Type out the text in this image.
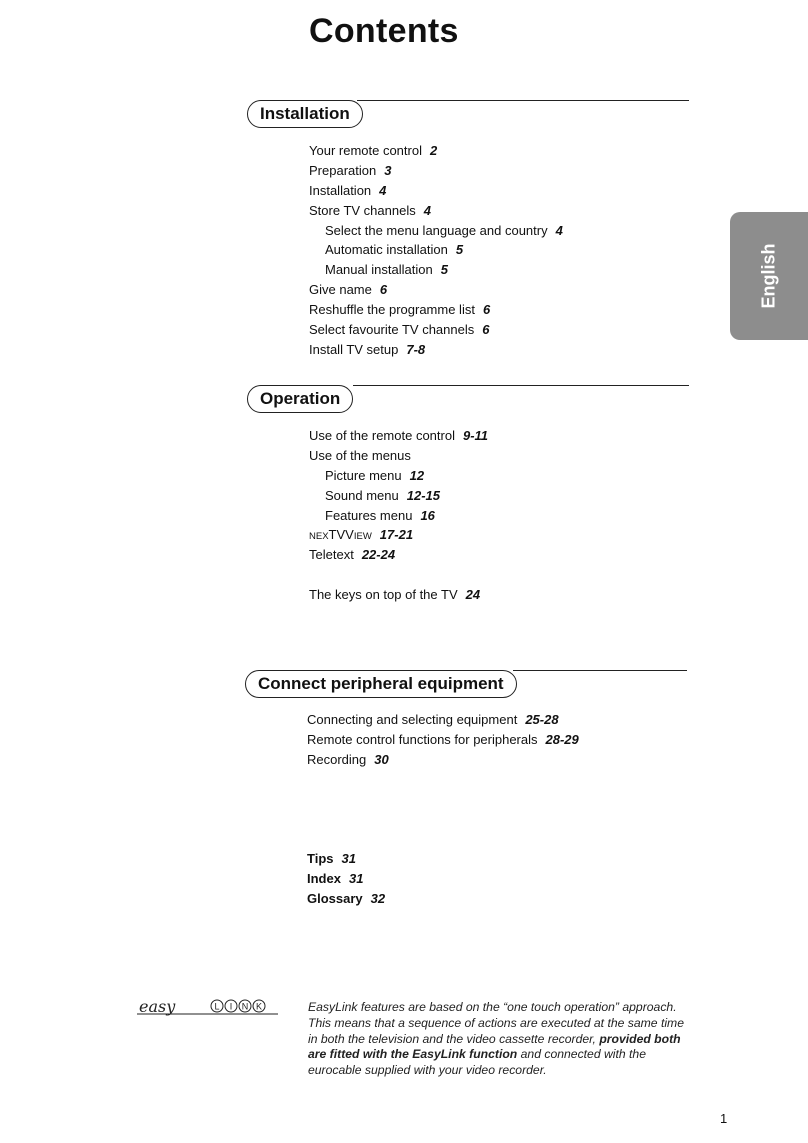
Contents
English
Installation
Your remote control 2
Preparation 3
Installation 4
Store TV channels 4
Select the menu language and country 4
Automatic installation 5
Manual installation 5
Give name 6
Reshuffle the programme list 6
Select favourite TV channels 6
Install TV setup 7-8
Operation
Use of the remote control 9-11
Use of the menus
Picture menu 12
Sound menu 12-15
Features menu 16
NEXTVVIEW 17-21
Teletext 22-24
The keys on top of the TV 24
Connect peripheral equipment
Connecting and selecting equipment 25-28
Remote control functions for peripherals 28-29
Recording 30
Tips 31
Index 31
Glossary 32
easy	L I N K	EasyLink features are based on the “one touch operation” approach. This means that a sequence of actions are executed at the same time in both the television and the video cassette recorder, provided both are fitted with the EasyLink function and connected with the eurocable supplied with your video recorder.
1
